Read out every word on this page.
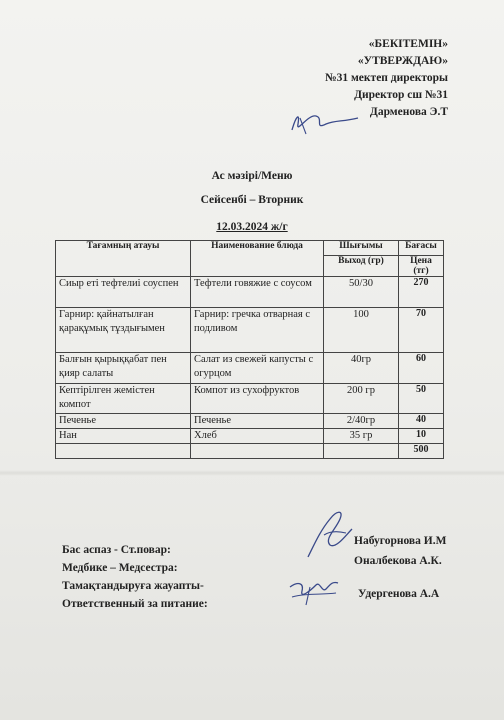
«БЕКІТЕМІН»
«УТВЕРЖДАЮ»
№31 мектеп директоры
Директор сш №31
Дарменова Э.Т
Ас мәзірі/Меню
Сейсенбі – Вторник
12.03.2024 ж/г
Тағамның атауы	Наименование блюда	Шығымы	Бағасы
		Выход (гр)	Цена (тг)
Сиыр еті тефтелиі соуспен	Тефтели говяжие с соусом	50/30	270
Гарнир: қайнатылған қарақұмық тұздығымен	Гарнир: гречка отварная с подливом	100	70
Балғын қырыққабат пен қияр салаты	Салат из свежей капусты с огурцом	40гр	60
Кептірілген жемістен компот	Компот из сухофруктов	200 гр	50
Печенье	Печенье	2/40гр	40
Нан	Хлеб	35 гр	10
			500
Бас аспаз - Ст.повар:
Медбике – Медсестра:
Тамақтандыруға жауапты-
Ответственный за питание:
Набугорнова И.М
Оналбекова А.К.
Удергенова А.А
